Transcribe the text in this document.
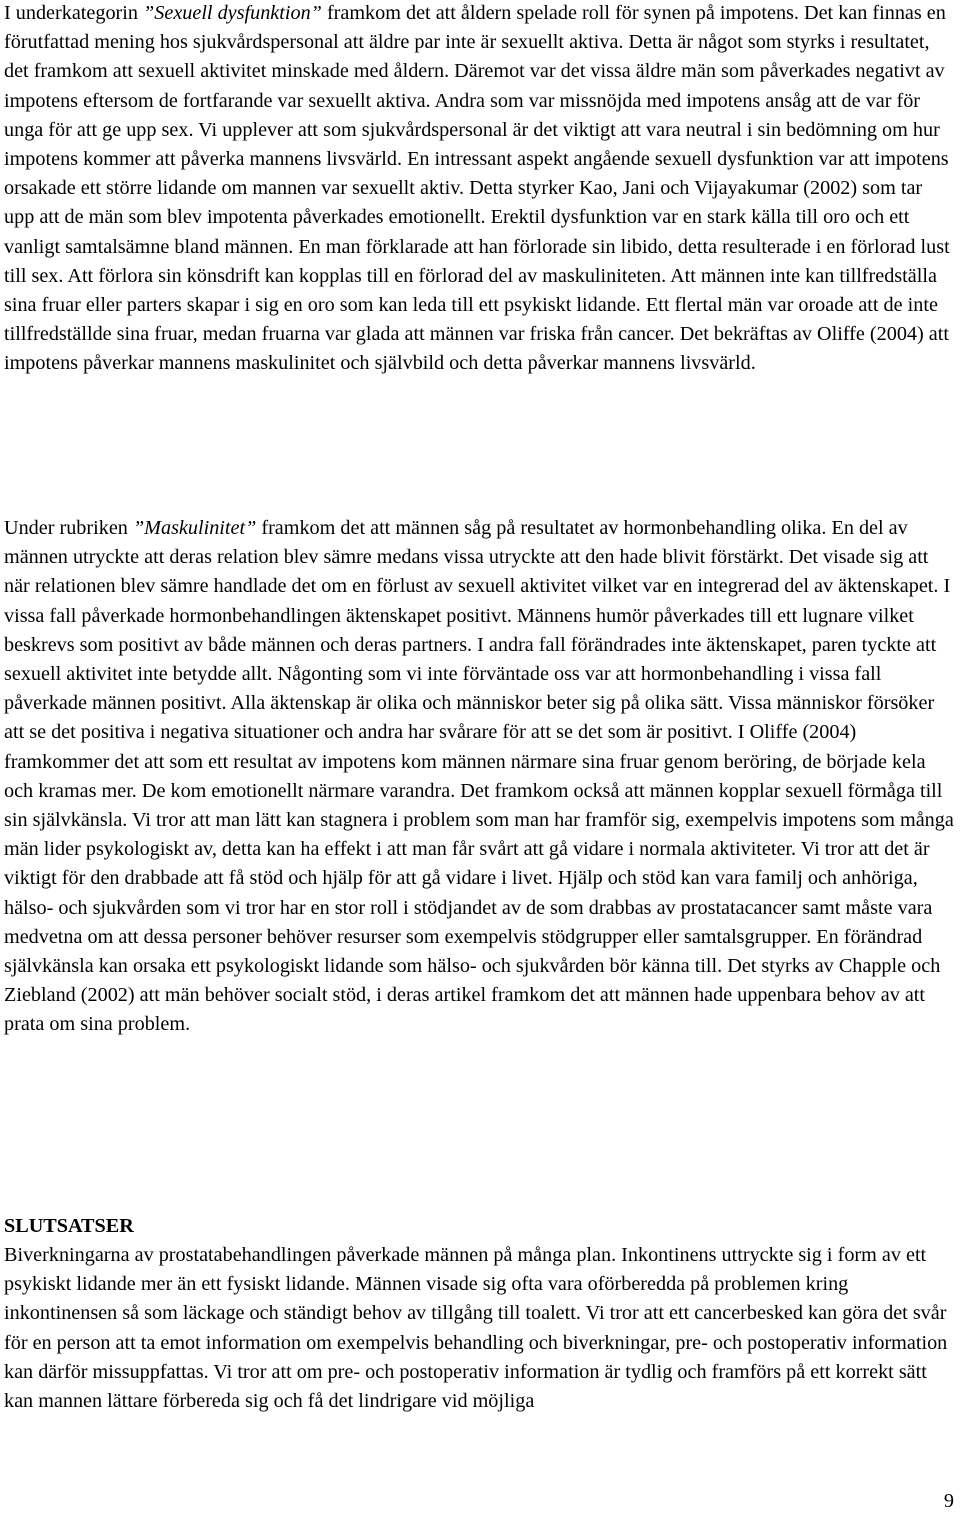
I underkategorin ”Sexuell dysfunktion” framkom det att åldern spelade roll för synen på impotens. Det kan finnas en förutfattad mening hos sjukvårdspersonal att äldre par inte är sexuellt aktiva. Detta är något som styrks i resultatet, det framkom att sexuell aktivitet minskade med åldern. Däremot var det vissa äldre män som påverkades negativt av impotens eftersom de fortfarande var sexuellt aktiva. Andra som var missnöjda med impotens ansåg att de var för unga för att ge upp sex. Vi upplever att som sjukvårdspersonal är det viktigt att vara neutral i sin bedömning om hur impotens kommer att påverka mannens livsvärld. En intressant aspekt angående sexuell dysfunktion var att impotens orsakade ett större lidande om mannen var sexuellt aktiv. Detta styrker Kao, Jani och Vijayakumar (2002) som tar upp att de män som blev impotenta påverkades emotionellt. Erektil dysfunktion var en stark källa till oro och ett vanligt samtalsämne bland männen. En man förklarade att han förlorade sin libido, detta resulterade i en förlorad lust till sex. Att förlora sin könsdrift kan kopplas till en förlorad del av maskuliniteten. Att männen inte kan tillfredställa sina fruar eller parters skapar i sig en oro som kan leda till ett psykiskt lidande. Ett flertal män var oroade att de inte tillfredställde sina fruar, medan fruarna var glada att männen var friska från cancer. Det bekräftas av Oliffe (2004) att impotens påverkar mannens maskulinitet och självbild och detta påverkar mannens livsvärld.

Under rubriken ”Maskulinitet” framkom det att männen såg på resultatet av hormonbehandling olika. En del av männen utryckte att deras relation blev sämre medans vissa utryckte att den hade blivit förstärkt. Det visade sig att när relationen blev sämre handlade det om en förlust av sexuell aktivitet vilket var en integrerad del av äktenskapet. I vissa fall påverkade hormonbehandlingen äktenskapet positivt. Männens humör påverkades till ett lugnare vilket beskrevs som positivt av både männen och deras partners. I andra fall förändrades inte äktenskapet, paren tyckte att sexuell aktivitet inte betydde allt. Någonting som vi inte förväntade oss var att hormonbehandling i vissa fall påverkade männen positivt. Alla äktenskap är olika och människor beter sig på olika sätt. Vissa människor försöker att se det positiva i negativa situationer och andra har svårare för att se det som är positivt. I Oliffe (2004) framkommer det att som ett resultat av impotens kom männen närmare sina fruar genom beröring, de började kela och kramas mer. De kom emotionellt närmare varandra. Det framkom också att männen kopplar sexuell förmåga till sin självkänsla. Vi tror att man lätt kan stagnera i problem som man har framför sig, exempelvis impotens som många män lider psykologiskt av, detta kan ha effekt i att man får svårt att gå vidare i normala aktiviteter. Vi tror att det är viktigt för den drabbade att få stöd och hjälp för att gå vidare i livet. Hjälp och stöd kan vara familj och anhöriga, hälso- och sjukvården som vi tror har en stor roll i stödjandet av de som drabbas av prostatacancer samt måste vara medvetna om att dessa personer behöver resurser som exempelvis stödgrupper eller samtalsgrupper. En förändrad självkänsla kan orsaka ett psykologiskt lidande som hälso- och sjukvården bör känna till. Det styrks av Chapple och Ziebland (2002) att män behöver socialt stöd, i deras artikel framkom det att männen hade uppenbara behov av att prata om sina problem.

SLUTSATSER

Biverkningarna av prostatabehandlingen påverkade männen på många plan. Inkontinens uttryckte sig i form av ett psykiskt lidande mer än ett fysiskt lidande. Männen visade sig ofta vara oförberedda på problemen kring inkontinensen så som läckage och ständigt behov av tillgång till toalett. Vi tror att ett cancerbesked kan göra det svår för en person att ta emot information om exempelvis behandling och biverkningar, pre- och postoperativ information kan därför missuppfattas. Vi tror att om pre- och postoperativ information är tydlig och framförs på ett korrekt sätt kan mannen lättare förbereda sig och få det lindrigare vid möjliga

9
